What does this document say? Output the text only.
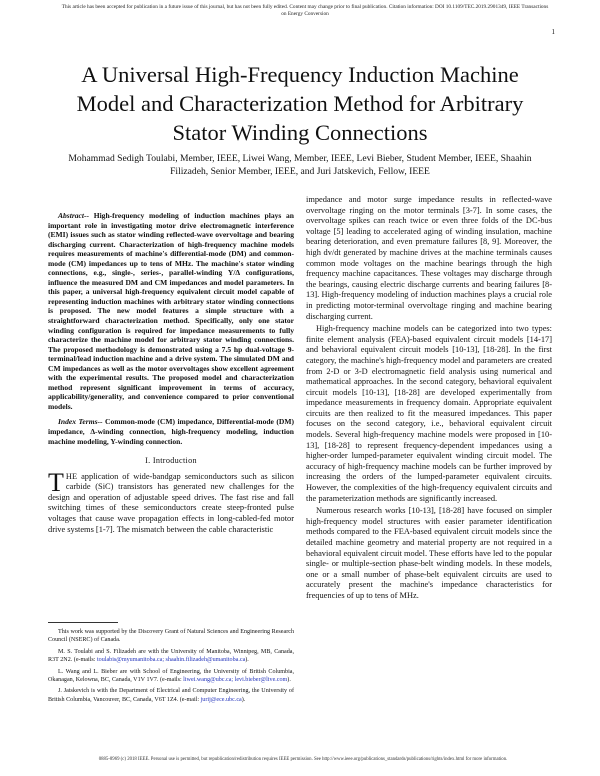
This article has been accepted for publication in a future issue of this journal, but has not been fully edited. Content may change prior to final publication. Citation information: DOI 10.1109/TEC.2019.2901349, IEEE Transactions on Energy Conversion
1
A Universal High-Frequency Induction Machine Model and Characterization Method for Arbitrary Stator Winding Connections
Mohammad Sedigh Toulabi, Member, IEEE, Liwei Wang, Member, IEEE, Levi Bieber, Student Member, IEEE, Shaahin Filizadeh, Senior Member, IEEE, and Juri Jatskevich, Fellow, IEEE

Abstract-- High-frequency modeling of induction machines plays an important role in investigating motor drive electromagnetic interference (EMI) issues such as stator winding reflected-wave overvoltage and bearing discharging current. Characterization of high-frequency machine models requires measurements of machine's differential-mode (DM) and common-mode (CM) impedances up to tens of MHz. The machine's stator winding connections, e.g., single-, series-, parallel-winding Y/Δ configurations, influence the measured DM and CM impedances and model parameters. In this paper, a universal high-frequency equivalent circuit model capable of representing induction machines with arbitrary stator winding connections is proposed. The new model features a simple structure with a straightforward characterization method. Specifically, only one stator winding configuration is required for impedance measurements to fully characterize the machine model for arbitrary stator winding connections. The proposed methodology is demonstrated using a 7.5 hp dual-voltage 9-terminal/lead induction machine and a drive system. The simulated DM and CM impedances as well as the motor overvoltages show excellent agreement with the experimental results. The proposed model and characterization method represent significant improvement in terms of accuracy, applicability/generality, and convenience compared to prior conventional models.

Index Terms-- Common-mode (CM) impedance, Differential-mode (DM) impedance, Δ-winding connection, high-frequency modeling, induction machine modeling, Y-winding connection.

I. Introduction

THE application of wide-bandgap semiconductors such as silicon carbide (SiC) transistors has generated new challenges for the design and operation of adjustable speed drives. The fast rise and fall switching times of these semiconductors create steep-fronted pulse voltages that cause wave propagation effects in long-cabled-fed motor drive systems [1-7]. The mismatch between the cable characteristic

impedance and motor surge impedance results in reflected-wave overvoltage ringing on the motor terminals [3-7]. In some cases, the overvoltage spikes can reach twice or even three folds of the DC-bus voltage [5] leading to accelerated aging of winding insulation, machine bearing deterioration, and even premature failures [8, 9]. Moreover, the high dv/dt generated by machine drives at the machine terminals causes common mode voltages on the machine bearings through the high frequency machine capacitances. These voltages may discharge through the bearings, causing electric discharge currents and bearing failures [8-13]. High-frequency modeling of induction machines plays a crucial role in predicting motor-terminal overvoltage ringing and machine bearing discharging current.

High-frequency machine models can be categorized into two types: finite element analysis (FEA)-based equivalent circuit models [14-17] and behavioral equivalent circuit models [10-13], [18-28]. In the first category, the machine's high-frequency model and parameters are created from 2-D or 3-D electromagnetic field analysis using numerical and mathematical approaches. In the second category, behavioral equivalent circuit models [10-13], [18-28] are developed experimentally from impedance measurements in frequency domain. Appropriate equivalent circuits are then realized to fit the measured impedances. This paper focuses on the second category, i.e., behavioral equivalent circuit models. Several high-frequency machine models were proposed in [10-13], [18-28] to represent frequency-dependent impedances using a higher-order lumped-parameter equivalent winding circuit model. The accuracy of high-frequency machine models can be further improved by increasing the orders of the lumped-parameter equivalent circuits. However, the complexities of the high-frequency equivalent circuits and the parameterization methods are significantly increased.

Numerous research works [10-13], [18-28] have focused on simpler high-frequency model structures with easier parameter identification methods compared to the FEA-based equivalent circuit models since the detailed machine geometry and material property are not required in a behavioral equivalent circuit model. These efforts have led to the popular single- or multiple-section phase-belt winding models. In these models, one or a small number of phase-belt equivalent circuits are used to accurately present the machine's impedance characteristics for frequencies of up to tens of MHz.

This work was supported by the Discovery Grant of Natural Sciences and Engineering Research Council (NSERC) of Canada.

M. S. Toulabi and S. Filizadeh are with the University of Manitoba, Winnipeg, MB, Canada, R3T 2N2. (e-mails: toulabis@myumanitoba.ca; shaahin.filizadeh@umanitoba.ca).

L. Wang and L. Bieber are with School of Engineering, the University of British Columbia, Okanagan, Kelowna, BC, Canada, V1V 1V7. (e-mails: liwei.wang@ubc.ca; levi.bieber@live.com).

J. Jatskevich is with the Department of Electrical and Computer Engineering, the University of British Columbia, Vancouver, BC, Canada, V6T 1Z4. (e-mail: jurij@ece.ubc.ca).

0885-8969 (c) 2018 IEEE. Personal use is permitted, but republication/redistribution requires IEEE permission. See http://www.ieee.org/publications_standards/publications/rights/index.html for more information.
